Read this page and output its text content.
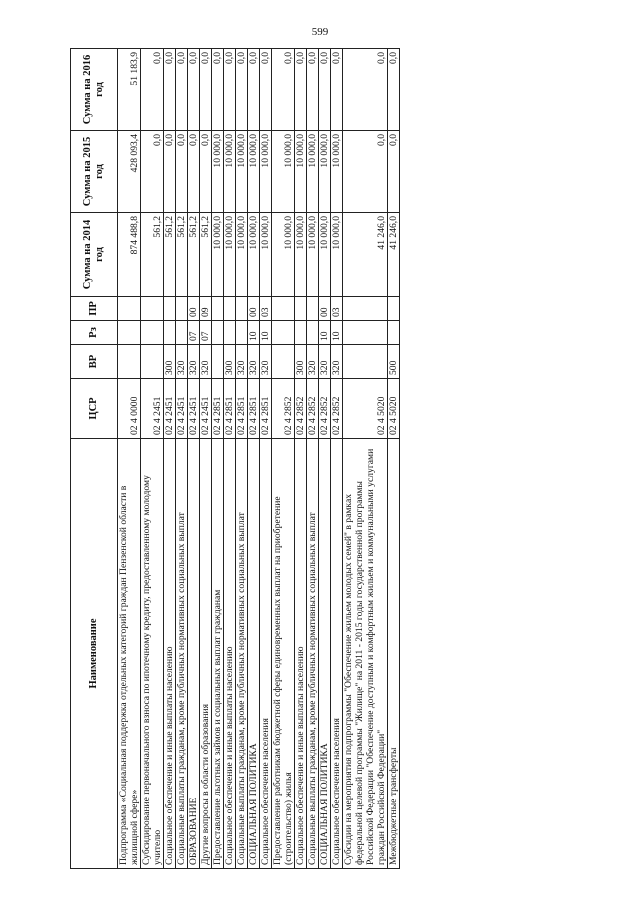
599
Наименование	ЦСР	ВР	Рз	ПР	Сумма на 2014 год	Сумма на 2015 год	Сумма на 2016 год
Подпрограмма «Социальная поддержка отдельных категорий граждан Пензенской области в жилищной сфере»	02 4 0000				874 488,8	428 093,4	51 183,9
Субсидирование первоначального взноса по ипотечному кредиту, предоставленному молодому учителю	02 4 2451				561,2	0,0	0,0
Социальное обеспечение и иные выплаты населению	02 4 2451	300			561,2	0,0	0,0
Социальные выплаты гражданам, кроме публичных нормативных социальных выплат	02 4 2451	320			561,2	0,0	0,0
ОБРАЗОВАНИЕ	02 4 2451	320	07	00	561,2	0,0	0,0
Другие вопросы в области образования	02 4 2451	320	07	09	561,2	0,0	0,0
Предоставление льготных займов и социальных выплат гражданам	02 4 2851				10 000,0	10 000,0	0,0
Социальное обеспечение и иные выплаты населению	02 4 2851	300			10 000,0	10 000,0	0,0
Социальные выплаты гражданам, кроме публичных нормативных социальных выплат	02 4 2851	320			10 000,0	10 000,0	0,0
СОЦИАЛЬНАЯ ПОЛИТИКА	02 4 2851	320	10	00	10 000,0	10 000,0	0,0
Социальное обеспечение населения	02 4 2851	320	10	03	10 000,0	10 000,0	0,0
Предоставление работникам бюджетной сферы единовременных выплат на приобретение (строительство) жилья	02 4 2852				10 000,0	10 000,0	0,0
Социальное обеспечение и иные выплаты населению	02 4 2852	300			10 000,0	10 000,0	0,0
Социальные выплаты гражданам, кроме публичных нормативных социальных выплат	02 4 2852	320			10 000,0	10 000,0	0,0
СОЦИАЛЬНАЯ ПОЛИТИКА	02 4 2852	320	10	00	10 000,0	10 000,0	0,0
Социальное обеспечение населения	02 4 2852	320	10	03	10 000,0	10 000,0	0,0
Субсидии на мероприятия подпрограммы "Обеспечение жильем молодых семей" в рамках федеральной целевой программы "Жилище" на 2011 - 2015 годы государственной программы Российской Федерации "Обеспечение доступным и комфортным жильем и коммунальными услугами граждан Российской Федерации"	02 4 5020				41 246,0	0,0	0,0
Межбюджетные трансферты	02 4 5020	500			41 246,0	0,0	0,0
